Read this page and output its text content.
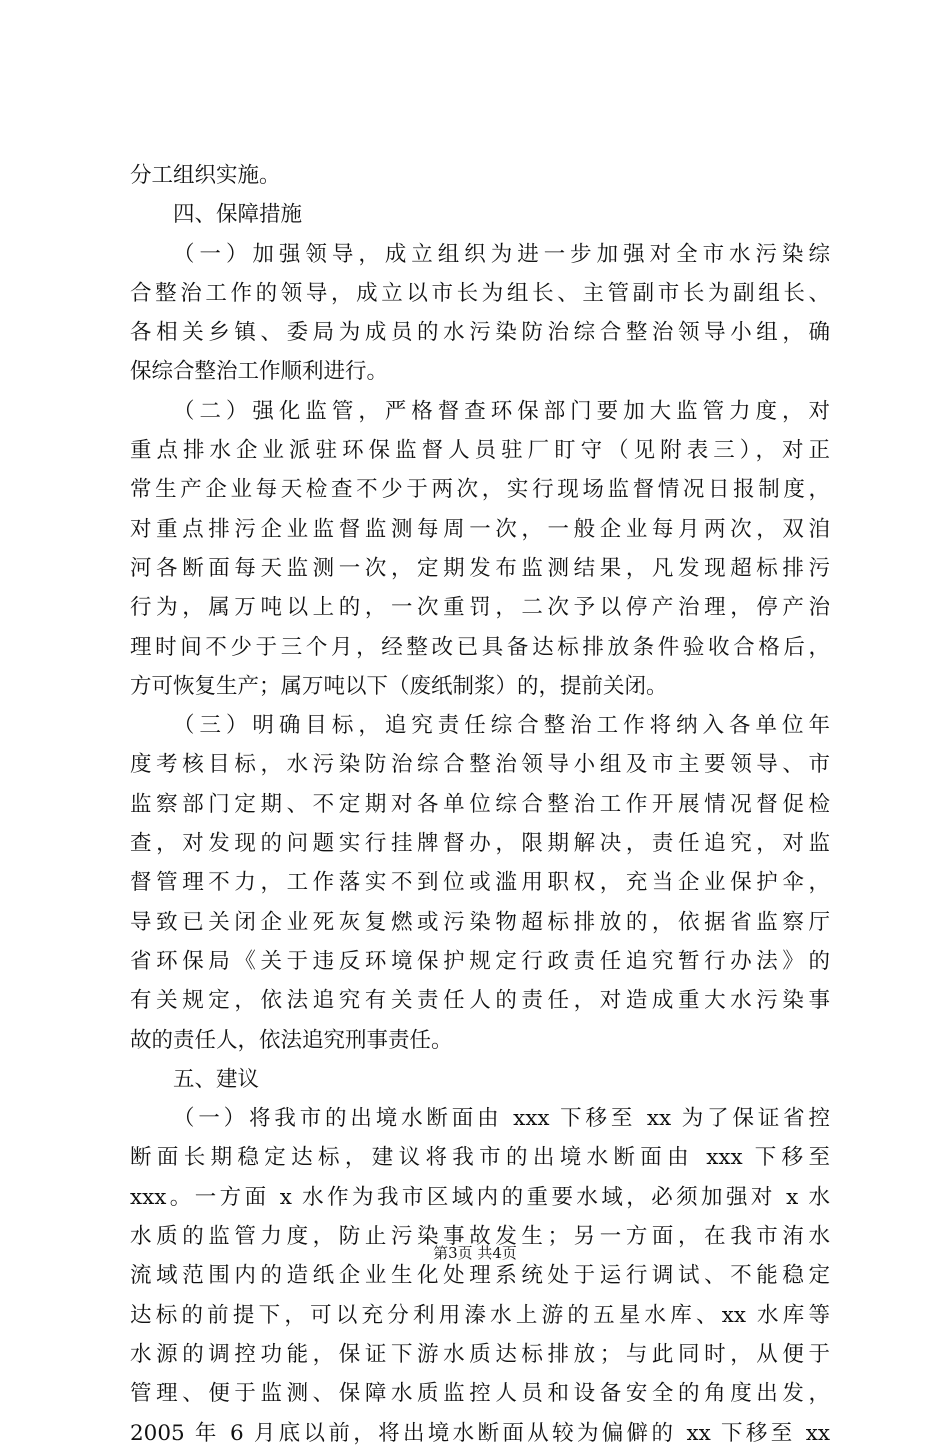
分工组织实施。
四、保障措施
（一）加强领导，成立组织为进一步加强对全市水污染综
合整治工作的领导，成立以市长为组长、主管副市长为副组长、
各相关乡镇、委局为成员的水污染防治综合整治领导小组，确
保综合整治工作顺利进行。
（二）强化监管，严格督查环保部门要加大监管力度，对
重点排水企业派驻环保监督人员驻厂盯守（见附表三），对正
常生产企业每天检查不少于两次，实行现场监督情况日报制度，
对重点排污企业监督监测每周一次，一般企业每月两次，双洎
河各断面每天监测一次，定期发布监测结果，凡发现超标排污
行为，属万吨以上的，一次重罚，二次予以停产治理，停产治
理时间不少于三个月，经整改已具备达标排放条件验收合格后，
方可恢复生产；属万吨以下（废纸制浆）的，提前关闭。
（三）明确目标，追究责任综合整治工作将纳入各单位年
度考核目标，水污染防治综合整治领导小组及市主要领导、市
监察部门定期、不定期对各单位综合整治工作开展情况督促检
查，对发现的问题实行挂牌督办，限期解决，责任追究，对监
督管理不力，工作落实不到位或滥用职权，充当企业保护伞，
导致已关闭企业死灰复燃或污染物超标排放的，依据省监察厅
省环保局《关于违反环境保护规定行政责任追究暂行办法》的
有关规定，依法追究有关责任人的责任，对造成重大水污染事
故的责任人，依法追究刑事责任。
五、建议
（一）将我市的出境水断面由 xxx 下移至 xx 为了保证省控
断面长期稳定达标，建议将我市的出境水断面由 xxx 下移至
xxx。一方面 x 水作为我市区域内的重要水域，必须加强对 x 水
水质的监管力度，防止污染事故发生；另一方面，在我市洧水
流域范围内的造纸企业生化处理系统处于运行调试、不能稳定
达标的前提下，可以充分利用溱水上游的五星水库、xx 水库等
水源的调控功能，保证下游水质达标排放；与此同时，从便于
管理、便于监测、保障水质监控人员和设备安全的角度出发，
2005 年 6 月底以前，将出境水断面从较为偏僻的 xx 下移至 xx
第3页 共4页
